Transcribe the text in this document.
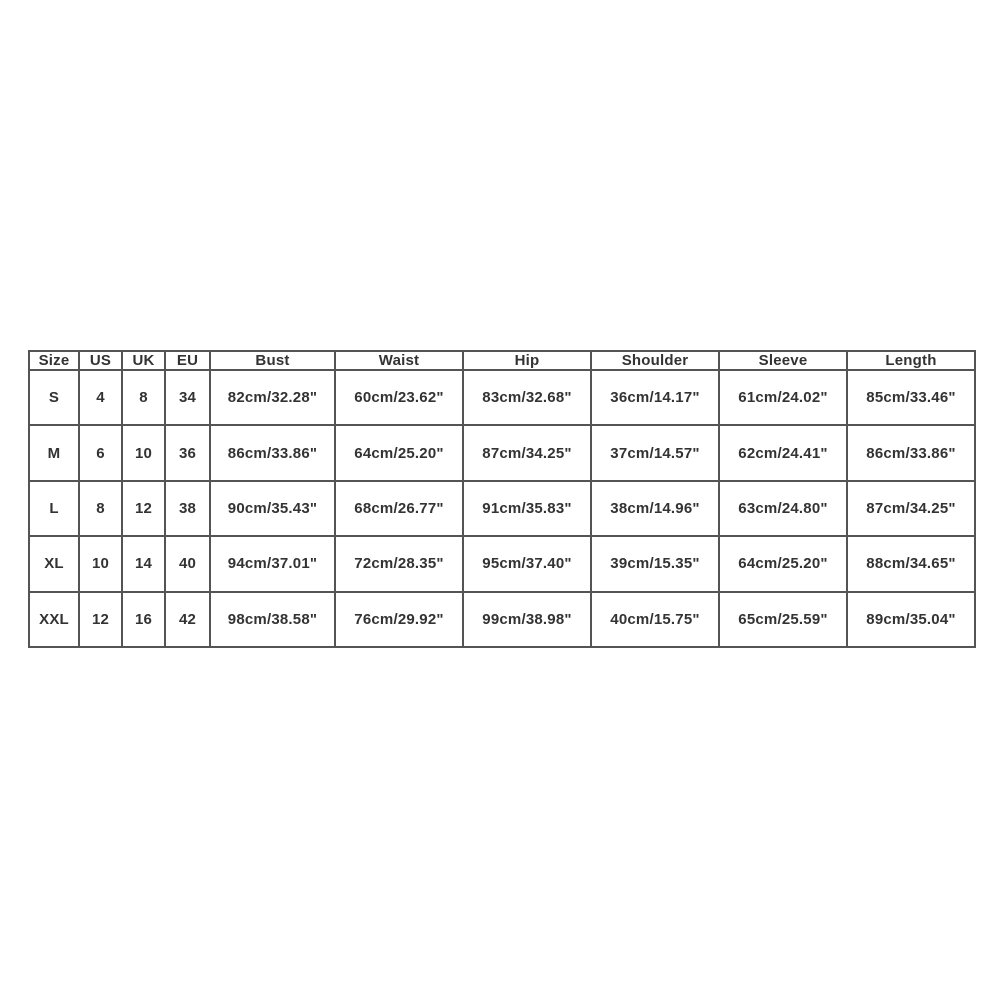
Size	US	UK	EU	Bust	Waist	Hip	Shoulder	Sleeve	Length
S	4	8	34	82cm/32.28"	60cm/23.62"	83cm/32.68"	36cm/14.17"	61cm/24.02"	85cm/33.46"
M	6	10	36	86cm/33.86"	64cm/25.20"	87cm/34.25"	37cm/14.57"	62cm/24.41"	86cm/33.86"
L	8	12	38	90cm/35.43"	68cm/26.77"	91cm/35.83"	38cm/14.96"	63cm/24.80"	87cm/34.25"
XL	10	14	40	94cm/37.01"	72cm/28.35"	95cm/37.40"	39cm/15.35"	64cm/25.20"	88cm/34.65"
XXL	12	16	42	98cm/38.58"	76cm/29.92"	99cm/38.98"	40cm/15.75"	65cm/25.59"	89cm/35.04"
